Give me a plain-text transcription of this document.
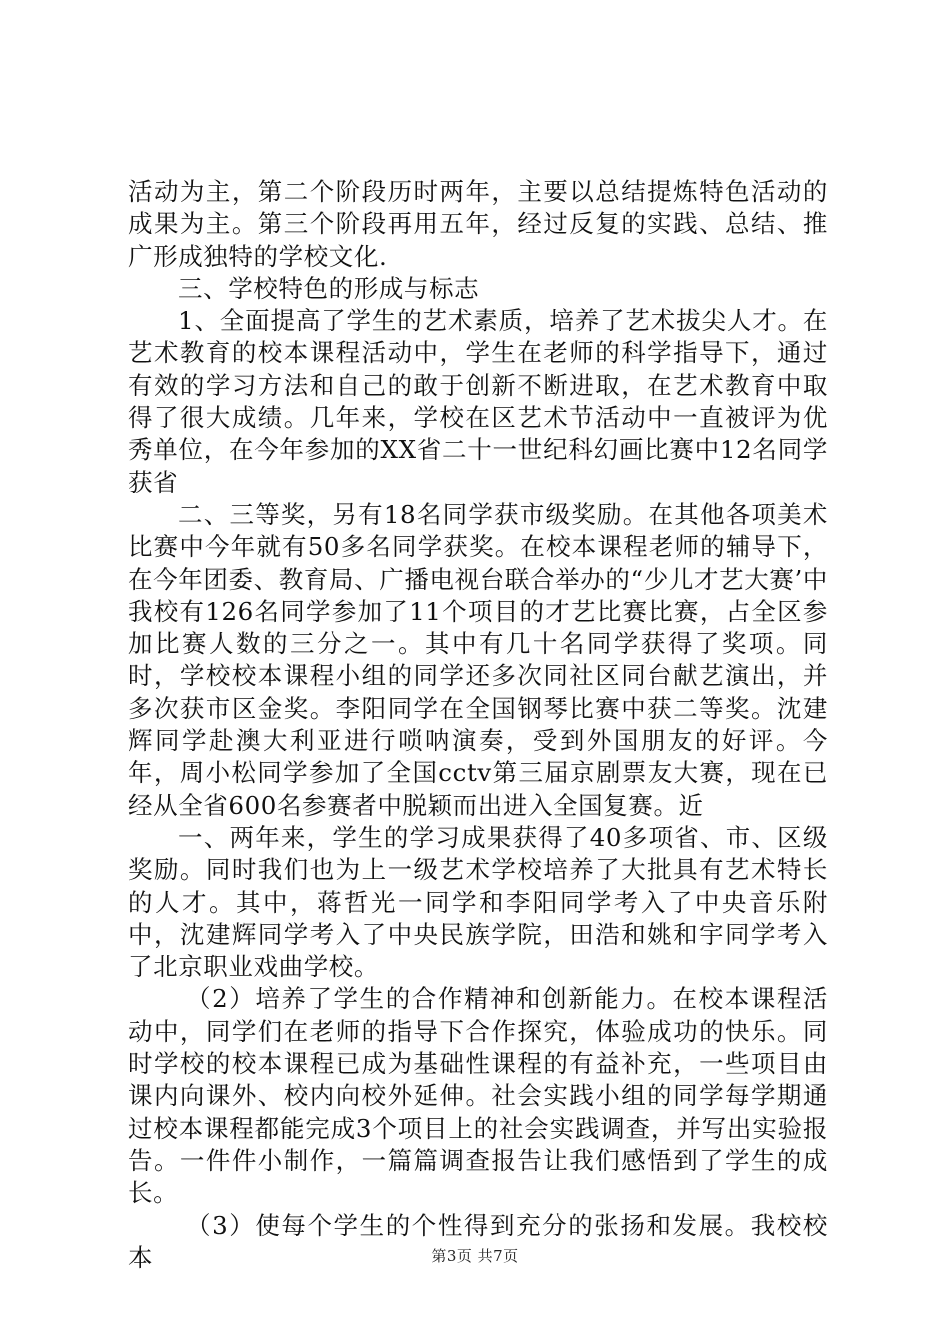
活动为主，第二个阶段历时两年，主要以总结提炼特色活动的成果为主。第三个阶段再用五年，经过反复的实践、总结、推广形成独特的学校文化.

三、学校特色的形成与标志

1、全面提高了学生的艺术素质，培养了艺术拔尖人才。在艺术教育的校本课程活动中，学生在老师的科学指导下，通过有效的学习方法和自己的敢于创新不断进取，在艺术教育中取得了很大成绩。几年来，学校在区艺术节活动中一直被评为优秀单位，在今年参加的XX省二十一世纪科幻画比赛中12名同学获省

二、三等奖，另有18名同学获市级奖励。在其他各项美术比赛中今年就有50多名同学获奖。在校本课程老师的辅导下，在今年团委、教育局、广播电视台联合举办的“少儿才艺大赛’中我校有126名同学参加了11个项目的才艺比赛比赛，占全区参加比赛人数的三分之一。其中有几十名同学获得了奖项。同时，学校校本课程小组的同学还多次同社区同台献艺演出，并多次获市区金奖。李阳同学在全国钢琴比赛中获二等奖。沈建辉同学赴澳大利亚进行唢呐演奏，受到外国朋友的好评。今年，周小松同学参加了全国cctv第三届京剧票友大赛，现在已经从全省600名参赛者中脱颖而出进入全国复赛。近

一、两年来，学生的学习成果获得了40多项省、市、区级奖励。同时我们也为上一级艺术学校培养了大批具有艺术特长的人才。其中，蒋哲光一同学和李阳同学考入了中央音乐附中，沈建辉同学考入了中央民族学院，田浩和姚和宇同学考入了北京职业戏曲学校。

（2）培养了学生的合作精神和创新能力。在校本课程活动中，同学们在老师的指导下合作探究，体验成功的快乐。同时学校的校本课程已成为基础性课程的有益补充，一些项目由课内向课外、校内向校外延伸。社会实践小组的同学每学期通过校本课程都能完成3个项目上的社会实践调查，并写出实验报告。一件件小制作，一篇篇调查报告让我们感悟到了学生的成长。

（3）使每个学生的个性得到充分的张扬和发展。我校校本	第3页 共7页
